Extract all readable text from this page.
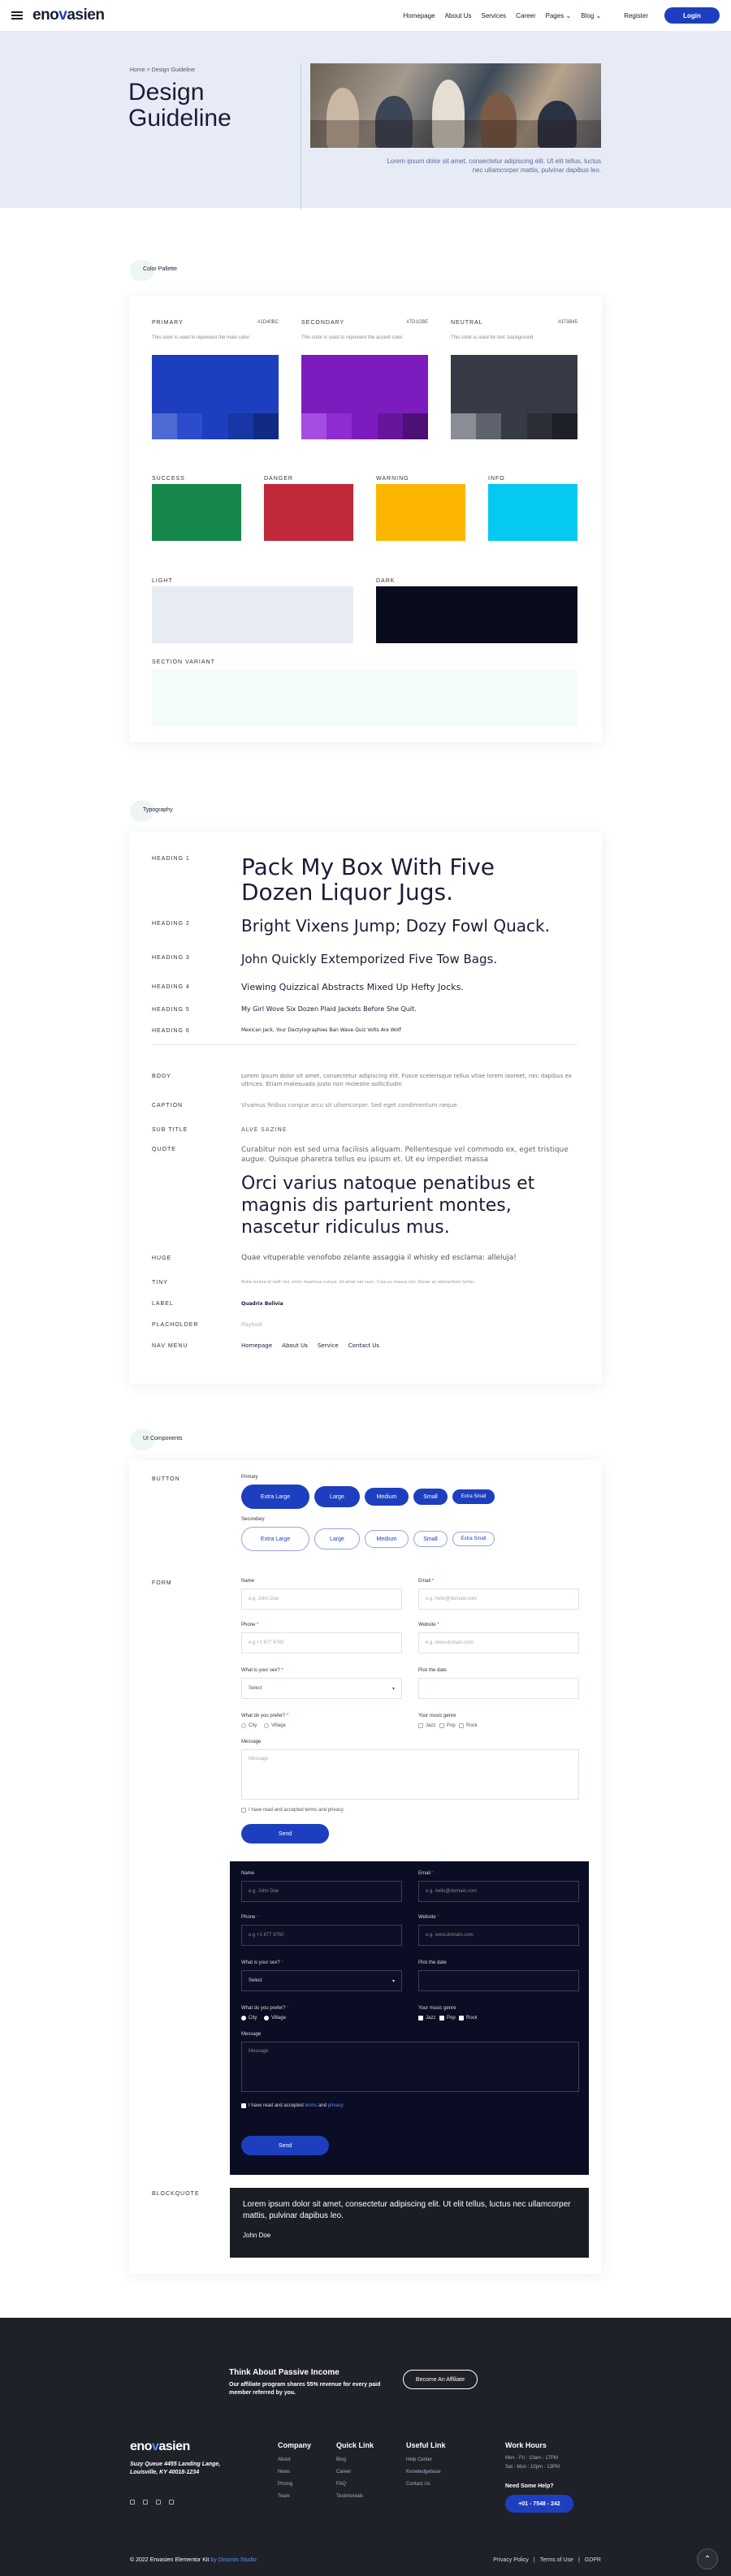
enovasien	Homepage About Us Services Career Pages ⌄ Blog ⌄	Register	Login
Home > Design Guideline
Design Guideline
Lorem ipsum dolor sit amet, consectetur adipiscing elit. Ut elit tellus, luctus nec ullamcorper mattis, pulvinar dapibus leo.
Color Pallette
PRIMARY	#1D40BC
This color is used to represent the main color.
SECONDARY	#7D1CBE
This color is used to represent the accent color.
NEUTRAL	#373B45
This color is used for text, background
SUCCESS	DANGER	WARNING	INFO
LIGHT	DARK
SECTION VARIANT
Typography
HEADING 1 Pack My Box With Five Dozen Liquor Jugs.
HEADING 2	Bright Vixens Jump; Dozy Fowl Quack.
HEADING 3	John Quickly Extemporized Five Tow Bags.
HEADING 4	Viewing Quizzical Abstracts Mixed Up Hefty Jocks.
HEADING 5	My Girl Wove Six Dozen Plaid Jackets Before She Quit.
HEADING 6	Mexican Jack, Your Dactylographies Ban Wave Quiz Volts Are Wolf
BODY	Lorem ipsum dolor sit amet, consectetur adipiscing elit. Fusce scelerisque tellus vitae lorem laoreet, nec dapibus ex ultrices. Etiam malesuada justo non molestie sollicitudin
CAPTION	Vivamus finibus congue arcu sit ullamcorper. Sed eget condimentum neque.
SUB TITLE	ALVE SAZINE
QUOTE	Curabitur non est sed urna facilisis aliquam. Pellentesque vel commodo ex, eget tristique augue. Quisque pharetra tellus eu ipsum et. Ut eu imperdiet massa
Orci varius natoque penatibus et magnis dis parturient montes, nascetur ridiculus mus.
HUGE	Quae vituperable venofobo zelante assaggia il whisky ed esclama: alleluja!
TINY	Nulla lacinia id velit nisi, enim maximus cursus, sit amet vel nunc. Cras eu massa nisi. Donec ac elementum tortor
LABEL	Quadrix Bolivia
PLACHOLDER	Playhold
NAV MENU	Homepage About Us Service Contact Us
UI Components
BUTTON	Primary
Extra Large	Large	Medium	Small	Extra Small
Secondary
Extra Large	Large	Medium	Small	Extra Small
FORM	Name
e.g. John Doe
Email *
e.g. hello@domain.com
Phone *
e.g +1 677 9760
Website *
e.g. www.domain.com
What is your sex? *
Select	▾
Pick the date
What do you prefer? *
City	Village
Your music genre
Jazz Pop Rock
Message
Message
I have read and accepted terms and privacy.
Send
Name
e.g. John Doe
Email *
e.g. hello@domain.com
Phone *
e.g +1 677 9760
Website *
e.g. www.domain.com
What is your sex? *
Select	▾
Pick the date
What do you prefer? *
City	Village
Your music genre
Jazz Pop Rock
Message
Message
I have read and accepted terms and privacy
Send
BLOCKQUOTE
Lorem ipsum dolor sit amet, consectetur adipiscing elit. Ut elit tellus, luctus nec ullamcorper mattis, pulvinar dapibus leo.
John Doe
Think About Passive Income
Our affiliate program shares 55% revenue for every paid member referred by you.
Become An Affiliate
enovasien
Suzy Queue 4455 Landing Lange, Louisville, KY 40018-1234
Company
About
News
Pricing
Team
Quick Link
Blog
Career
FAQ
Testimonials
Useful Link
Help Center
Knowledgebase
Contact Us
Work Hours
Mon - Fri : 10am - 17PM
Sat - Mon : 10pm - 13PM
Need Some Help?
+01 - 7548 - 242
© 2022 Envasien Elementor Kit by Dinamis Studio	Privacy Policy | Terms of Use | GDPR	⌃
